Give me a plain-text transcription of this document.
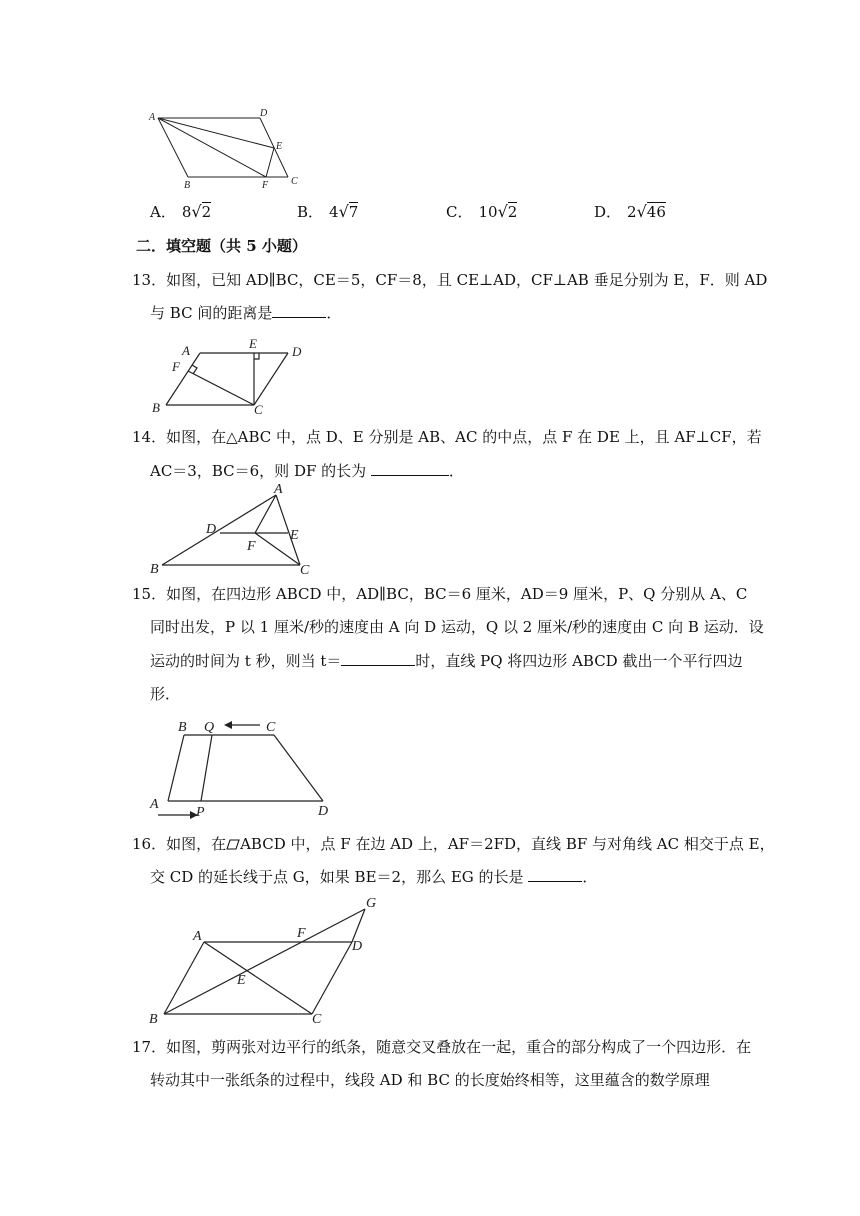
A	D
E
B	F C
A． 8√2	B． 4√7	C． 10√2	D． 2√46
二．填空题（共 5 小题）
13．如图，已知 AD∥BC，CE＝5，CF＝8，且 CE⊥AD，CF⊥AB 垂足分别为 E，F．则 AD
与 BC 间的距离是	．
A	E
D
F
B	C
14．如图，在△ABC 中，点 D、E 分别是 AB、AC 的中点，点 F 在 DE 上，且 AF⊥CF，若
AC＝3，BC＝6，则 DF 的长为	．
A
D	E
F
B	C
15．如图，在四边形 ABCD 中，AD∥BC，BC＝6 厘米，AD＝9 厘米，P、Q 分别从 A、C
同时出发，P 以 1 厘米/秒的速度由 A 向 D 运动，Q 以 2 厘米/秒的速度由 C 向 B 运动．设
运动的时间为 t 秒，则当 t＝	时，直线 PQ 将四边形 ABCD 截出一个平行四边
形．
B Q	C
A
P	D
16．如图，在 ABCD 中，点 F 在边 AD 上，AF＝2FD，直线 BF 与对角线 AC 相交于点 E，
交 CD 的延长线于点 G，如果 BE＝2，那么 EG 的长是	．
G
A	F
D
E
B	C
17．如图，剪两张对边平行的纸条，随意交叉叠放在一起，重合的部分构成了一个四边形．在
转动其中一张纸条的过程中，线段 AD 和 BC 的长度始终相等，这里蕴含的数学原理
